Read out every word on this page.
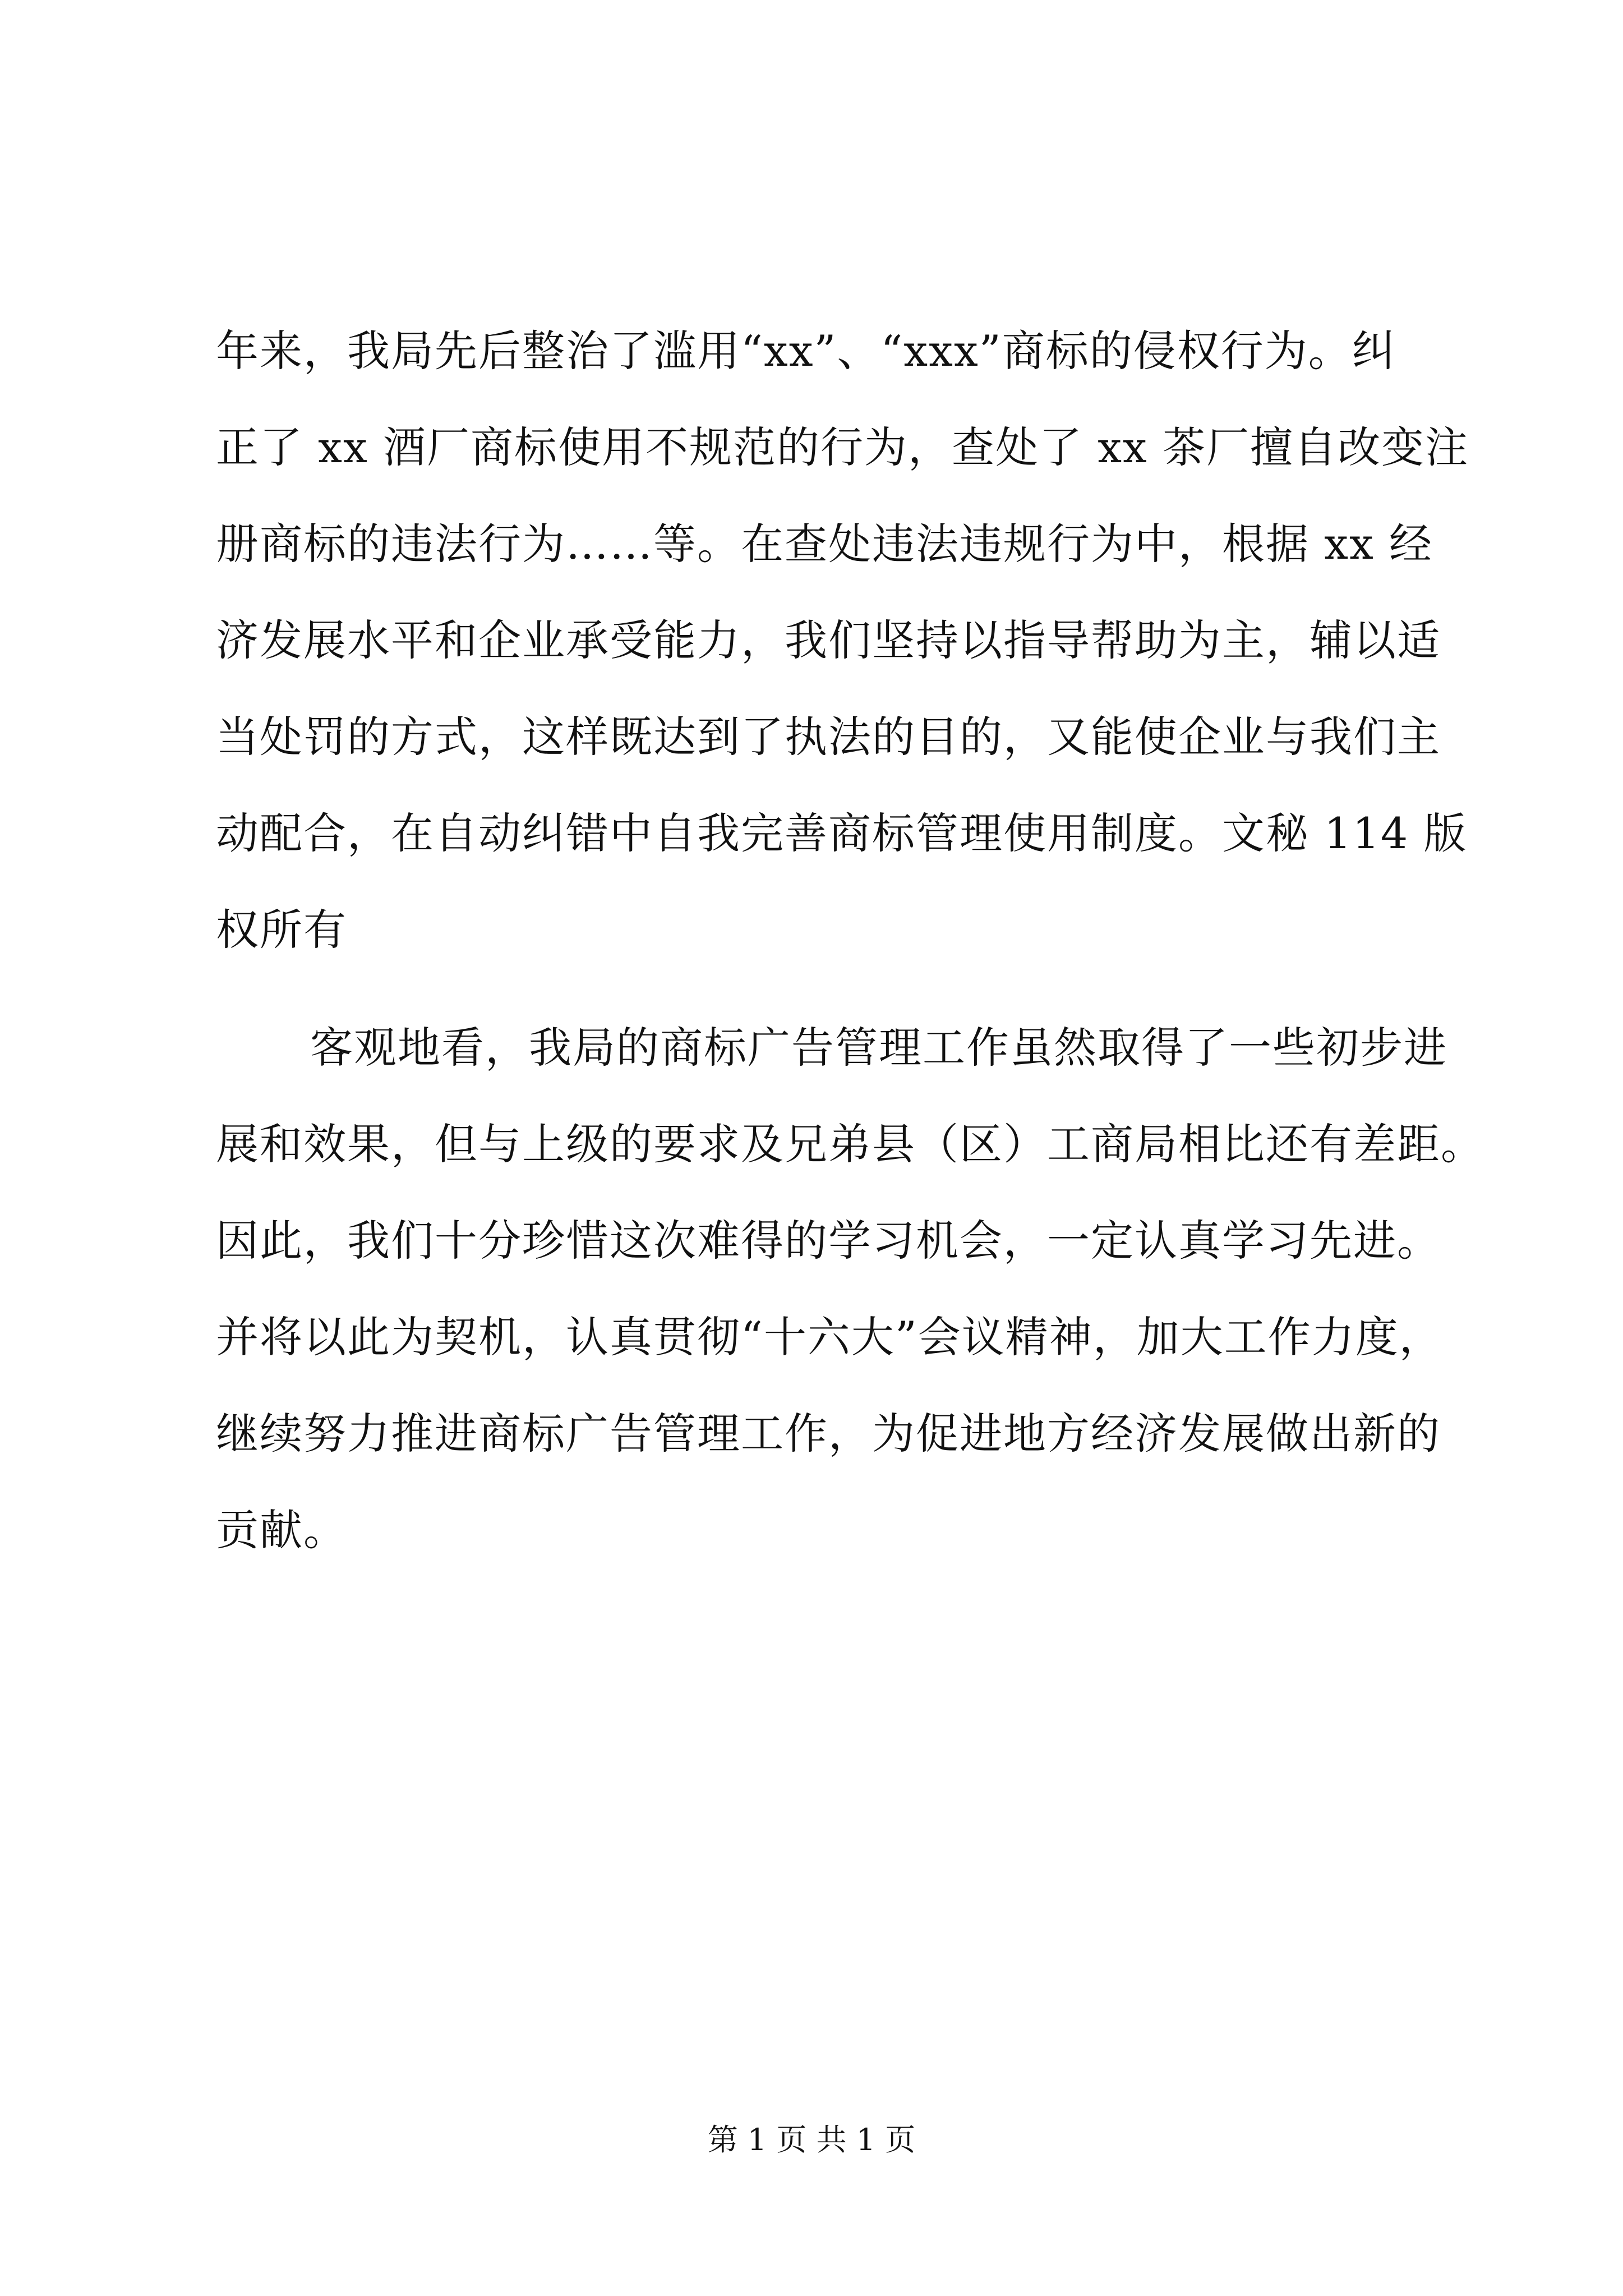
年来，我局先后整治了滥用“xx”、“xxx”商标的侵权行为。纠
正了 xx 酒厂商标使用不规范的行为，查处了 xx 茶厂擅自改变注
册商标的违法行为……等。在查处违法违规行为中，根据 xx 经
济发展水平和企业承受能力，我们坚持以指导帮助为主，辅以适
当处罚的方式，这样既达到了执法的目的，又能使企业与我们主
动配合，在自动纠错中自我完善商标管理使用制度。文秘 114 版
权所有
客观地看，我局的商标广告管理工作虽然取得了一些初步进
展和效果，但与上级的要求及兄弟县（区）工商局相比还有差距。
因此，我们十分珍惜这次难得的学习机会，一定认真学习先进。
并将以此为契机，认真贯彻“十六大”会议精神，加大工作力度，
继续努力推进商标广告管理工作，为促进地方经济发展做出新的
贡献。
第 1 页 共 1 页
